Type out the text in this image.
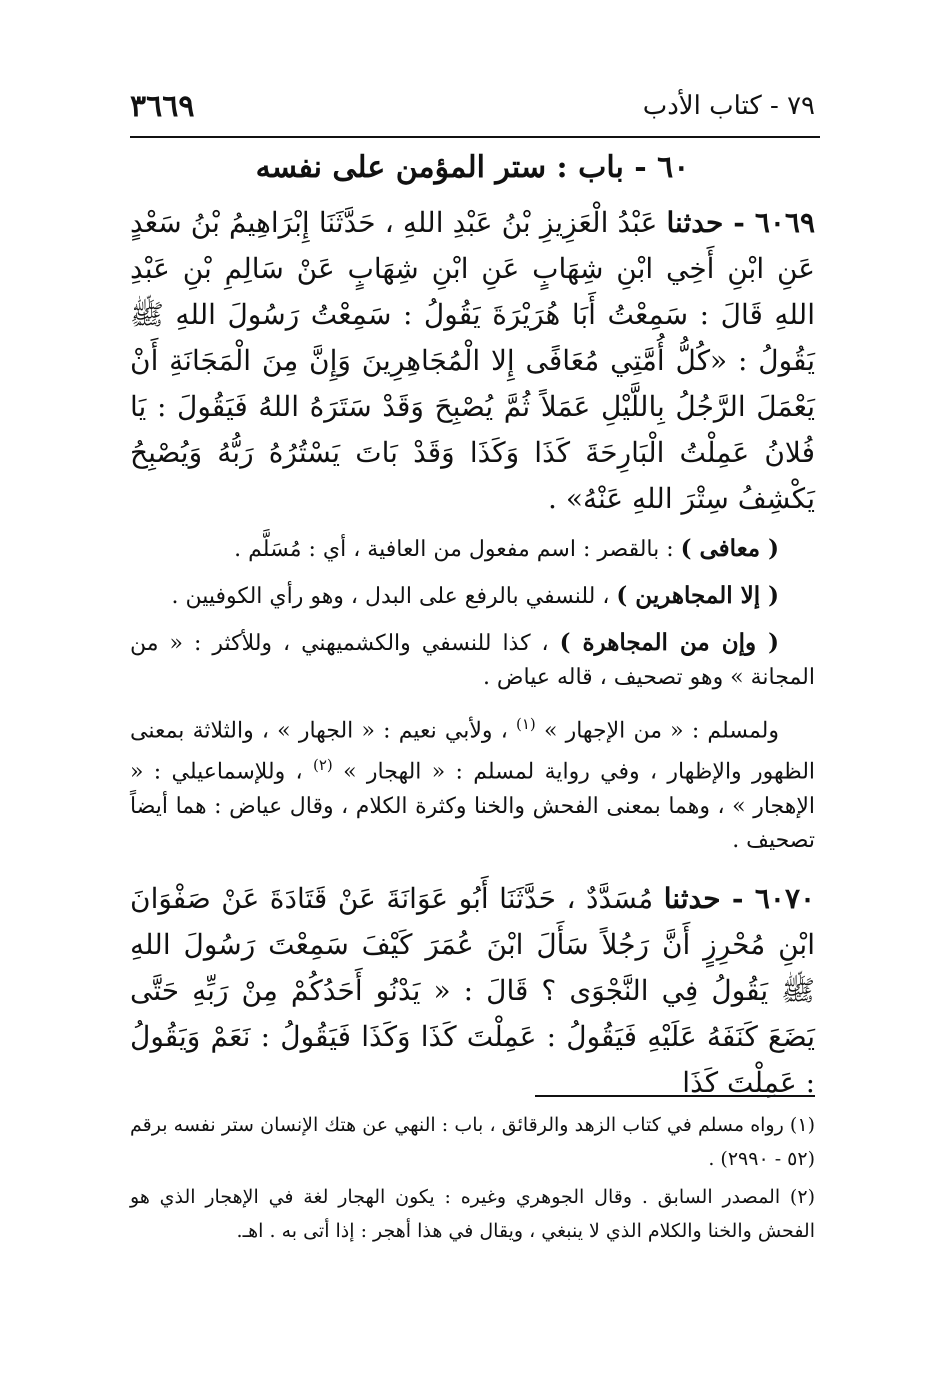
٧٩ - كتاب الأدب
٣٦٦٩
٦٠ - باب : ستر المؤمن على نفسه

٦٠٦٩ - حدثنا عَبْدُ الْعَزِيزِ بْنُ عَبْدِ اللهِ ، حَدَّثَنَا إِبْرَاهِيمُ بْنُ سَعْدٍ عَنِ ابْنِ أَخِي ابْنِ شِهَابٍ عَنِ ابْنِ شِهَابٍ عَنْ سَالِمِ بْنِ عَبْدِ اللهِ قَالَ : سَمِعْتُ أَبَا هُرَيْرَةَ يَقُولُ : سَمِعْتُ رَسُولَ اللهِ ﷺ يَقُولُ : «كُلُّ أُمَّتِي مُعَافًى إِلا الْمُجَاهِرِينَ وَإِنَّ مِنَ الْمَجَانَةِ أَنْ يَعْمَلَ الرَّجُلُ بِاللَّيْلِ عَمَلاً ثُمَّ يُصْبِحَ وَقَدْ سَتَرَهُ اللهُ فَيَقُولَ : يَا فُلانُ عَمِلْتُ الْبَارِحَةَ كَذَا وَكَذَا وَقَدْ بَاتَ يَسْتُرُهُ رَبُّهُ وَيُصْبِحُ يَكْشِفُ سِتْرَ اللهِ عَنْهُ» .

( معافى ) : بالقصر : اسم مفعول من العافية ، أي : مُسَلَّم .

( إلا المجاهرين ) ، للنسفي بالرفع على البدل ، وهو رأي الكوفيين .

( وإن من المجاهرة ) ، كذا للنسفي والكشميهني ، وللأكثر : « من المجانة » وهو تصحيف ، قاله عياض .

ولمسلم : « من الإجهار » $^{(١)}$ ، ولأبي نعيم : « الجهار » ، والثلاثة بمعنى الظهور والإظهار ، وفي رواية لمسلم : « الهجار » $^{(٢)}$ ، وللإسماعيلي : « الإهجار » ، وهما بمعنى الفحش والخنا وكثرة الكلام ، وقال عياض : هما أيضاً تصحيف .

٦٠٧٠ - حدثنا مُسَدَّدٌ ، حَدَّثَنَا أَبُو عَوَانَةَ عَنْ قَتَادَةَ عَنْ صَفْوَانَ ابْنِ مُحْرِزٍ أَنَّ رَجُلاً سَأَلَ ابْنَ عُمَرَ كَيْفَ سَمِعْتَ رَسُولَ اللهِ ﷺ يَقُولُ فِي النَّجْوَى ؟ قَالَ : « يَدْنُو أَحَدُكُمْ مِنْ رَبِّهِ حَتَّى يَضَعَ كَنَفَهُ عَلَيْهِ فَيَقُولُ : عَمِلْتَ كَذَا وَكَذَا فَيَقُولُ : نَعَمْ وَيَقُولُ : عَمِلْتَ كَذَا

(١) رواه مسلم في كتاب الزهد والرقائق ، باب : النهي عن هتك الإنسان ستر نفسه برقم (٥٢ - ٢٩٩٠) .

(٢) المصدر السابق . وقال الجوهري وغيره : يكون الهجار لغة في الإهجار الذي هو الفحش والخنا والكلام الذي لا ينبغي ، ويقال في هذا أهجر : إذا أتى به . اهـ.
